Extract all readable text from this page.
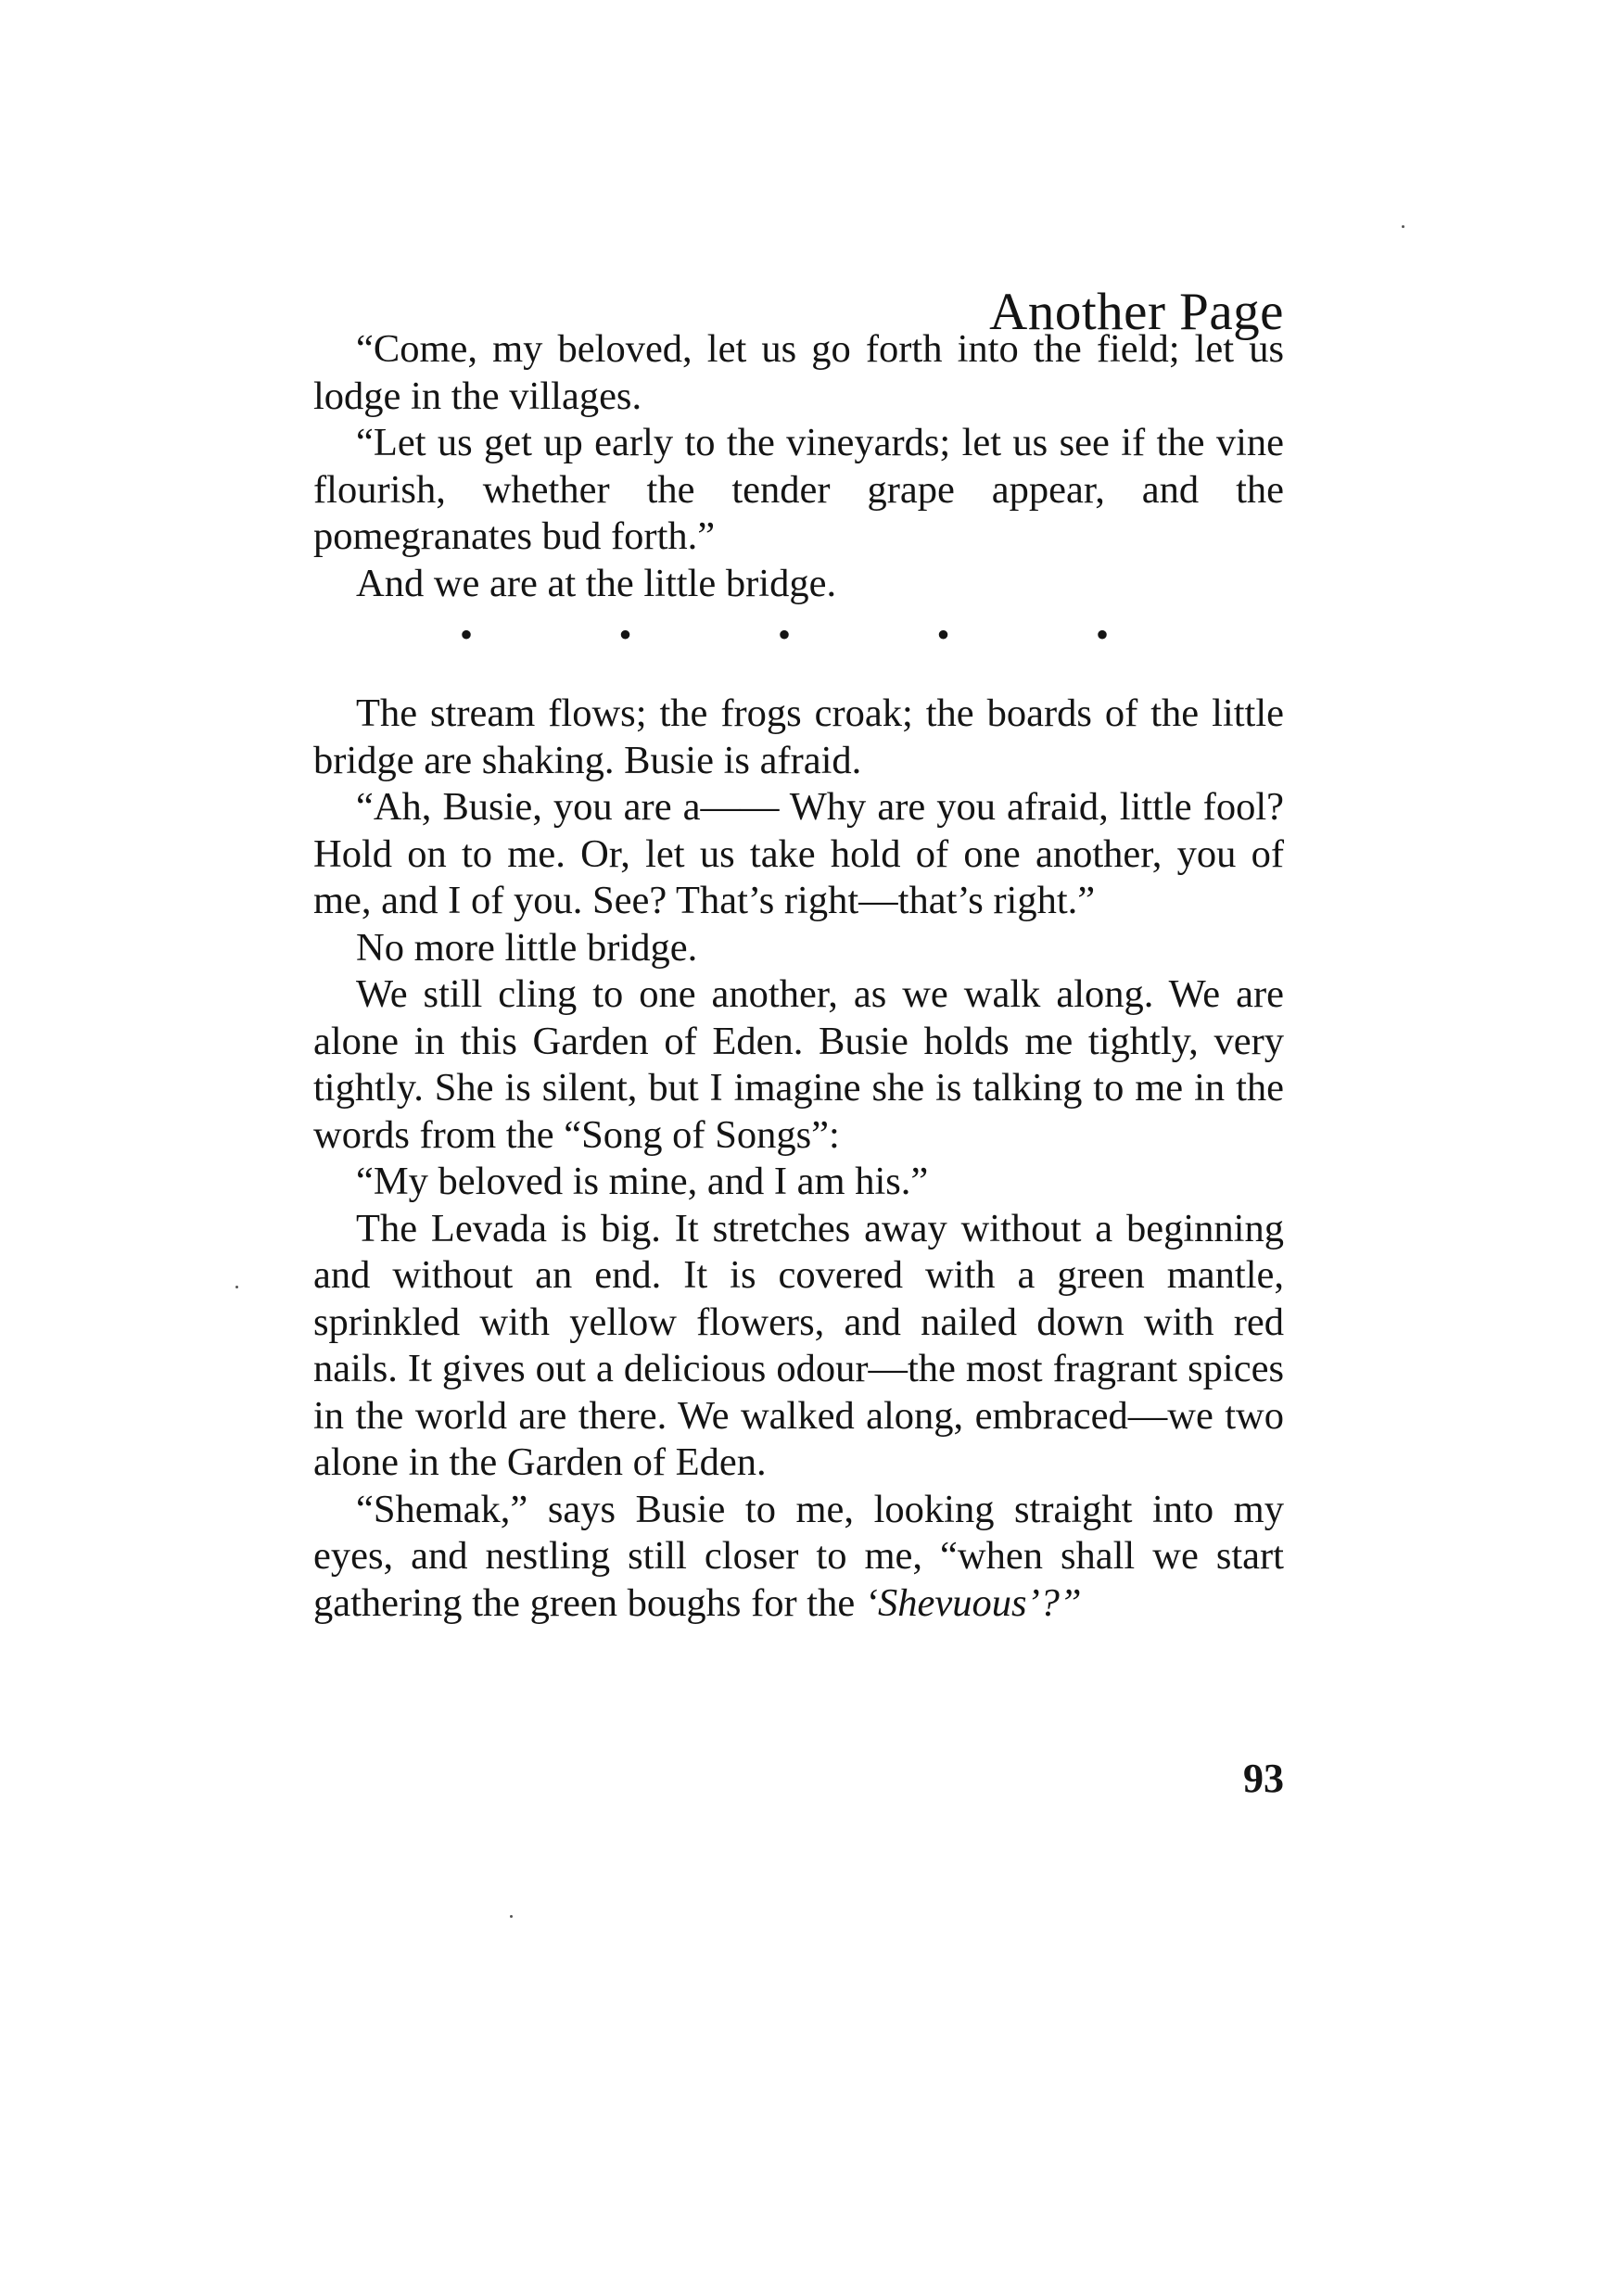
Another Page

“Come, my beloved, let us go forth into the field; let us lodge in the villages.

“Let us get up early to the vineyards; let us see if the vine flourish, whether the tender grape appear, and the pomegranates bud forth.”

And we are at the little bridge.

•	•	•	•	•

The stream flows; the frogs croak; the boards of the little bridge are shaking. Busie is afraid.

“Ah, Busie, you are a—— Why are you afraid, little fool? Hold on to me. Or, let us take hold of one another, you of me, and I of you. See? That’s right—that’s right.”

No more little bridge.

We still cling to one another, as we walk along. We are alone in this Garden of Eden. Busie holds me tightly, very tightly. She is silent, but I imagine she is talking to me in the words from the “Song of Songs”:

“My beloved is mine, and I am his.”

The Levada is big. It stretches away without a beginning and without an end. It is covered with a green mantle, sprinkled with yellow flowers, and nailed down with red nails. It gives out a delicious odour—the most fragrant spices in the world are there. We walked along, embraced—we two alone in the Garden of Eden.

“Shemak,” says Busie to me, looking straight into my eyes, and nestling still closer to me, “when shall we start gathering the green boughs for the ‘Shevuous’?”

93
